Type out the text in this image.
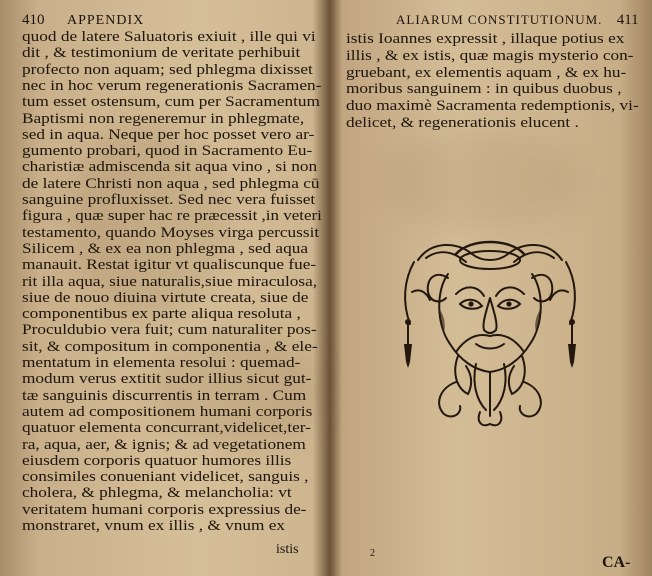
410 APPENDIX
quod de latere Saluatoris exiuit , ille qui vi
dit , & testimonium de veritate perhibuit
profecto non aquam; sed phlegma dixisset
nec in hoc verum regenerationis Sacramen-
tum esset ostensum, cum per Sacramentum
Baptismi non regeneremur in phlegmate,
sed in aqua. Neque per hoc posset vero ar-
gumento probari, quod in Sacramento Eu-
charistiæ admiscenda sit aqua vino , si non
de latere Christi non aqua , sed phlegma cū
sanguine profluxisset. Sed nec vera fuisset
figura , quæ super hac re præcessit ,in veteri
testamento, quando Moyses virga percussit
Silicem , & ex ea non phlegma , sed aqua
manauit. Restat igitur vt qualiscunque fue-
rit illa aqua, siue naturalis,siue miraculosa,
siue de nouo diuina virtute creata, siue de
componentibus ex parte aliqua resoluta ,
Proculdubio vera fuit; cum naturaliter pos-
sit, & compositum in componentia , & ele-
mentatum in elementa resolui : quemad-
modum verus extitit sudor illius sicut gut-
tæ sanguinis discurrentis in terram . Cum
autem ad compositionem humani corporis
quatuor elementa concurrant,videlicet,ter-
ra, aqua, aer, & ignis; & ad vegetationem
eiusdem corporis quatuor humores illis
consimiles conueniant videlicet, sanguis ,
cholera, & phlegma, & melancholia: vt
veritatem humani corporis expressius de-
monstraret, vnum ex illis , & vnum ex
istis
ALIARUM CONSTITUTIONUM. 411
istis Ioannes expressit , illaque potius ex
illis , & ex istis, quæ magis mysterio con-
gruebant, ex elementis aquam , & ex hu-
moribus sanguinem : in quibus duobus ,
duo maximè Sacramenta redemptionis, vi-
delicet, & regenerationis elucent .
2
CA-
